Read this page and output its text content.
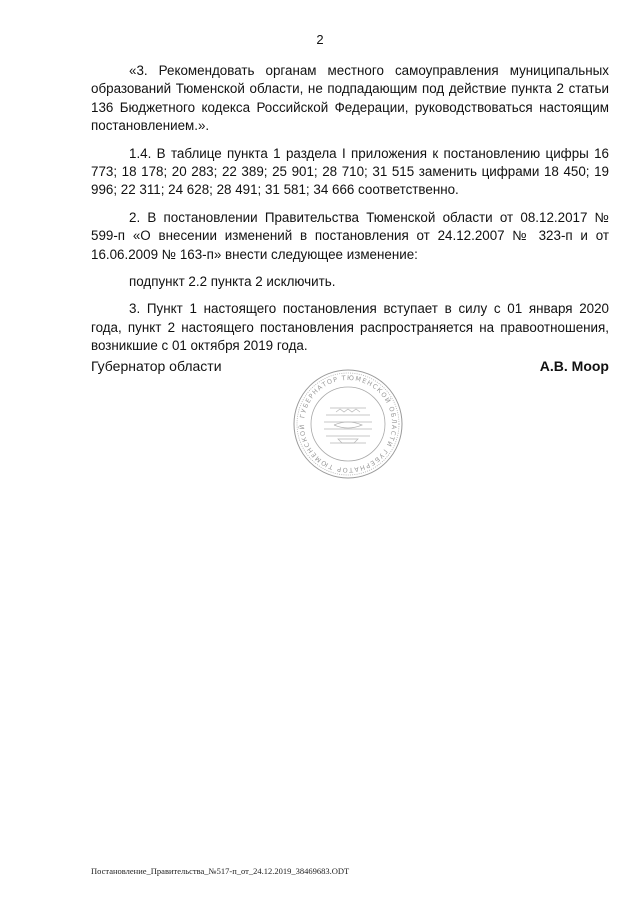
2

«3. Рекомендовать органам местного самоуправления муниципальных образований Тюменской области, не подпадающим под действие пункта 2 статьи 136 Бюджетного кодекса Российской Федерации, руководствоваться настоящим постановлением.».

1.4. В таблице пункта 1 раздела I приложения к постановлению цифры 16 773; 18 178; 20 283; 22 389; 25 901; 28 710; 31 515 заменить цифрами 18 450; 19 996; 22 311; 24 628; 28 491; 31 581; 34 666 соответственно.

2. В постановлении Правительства Тюменской области от 08.12.2017 № 599-п «О внесении изменений в постановления от 24.12.2007 № 323-п и от 16.06.2009 № 163-п» внести следующее изменение:

подпункт 2.2 пункта 2 исключить.

3. Пункт 1 настоящего постановления вступает в силу с 01 января 2020 года, пункт 2 настоящего постановления распространяется на правоотношения, возникшие с 01 октября 2019 года.

Губернатор области	А.В. Моор
ГУБЕРНАТОР ТЮМЕНСКОЙ ОБЛАСТИ ГУБЕРНАТОР ТЮМЕНСКОЙ
Постановление_Правительства_№517-п_от_24.12.2019_38469683.ODT
